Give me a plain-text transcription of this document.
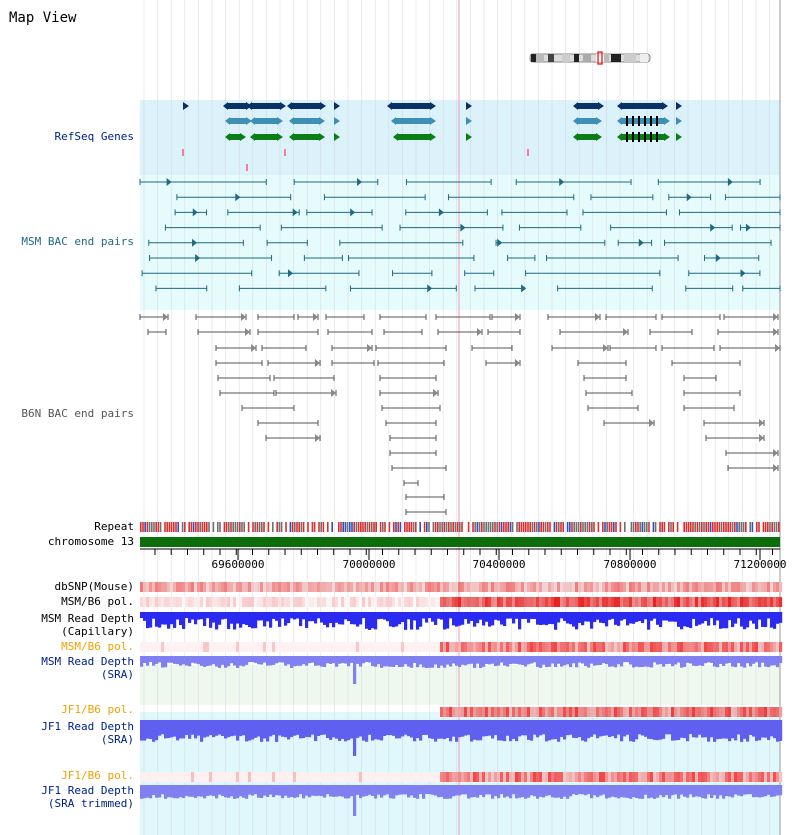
Map View
69600000	70000000	70400000	70800000	71200000
RefSeq Genes
MSM BAC end pairs
B6N BAC end pairs
Repeat
chromosome 13
dbSNP(Mouse)
MSM/B6 pol.
MSM Read Depth
(Capillary)
MSM/B6 pol.
MSM Read Depth
(SRA)
JF1/B6 pol.
JF1 Read Depth
(SRA)
JF1/B6 pol.
JF1 Read Depth
(SRA trimmed)
